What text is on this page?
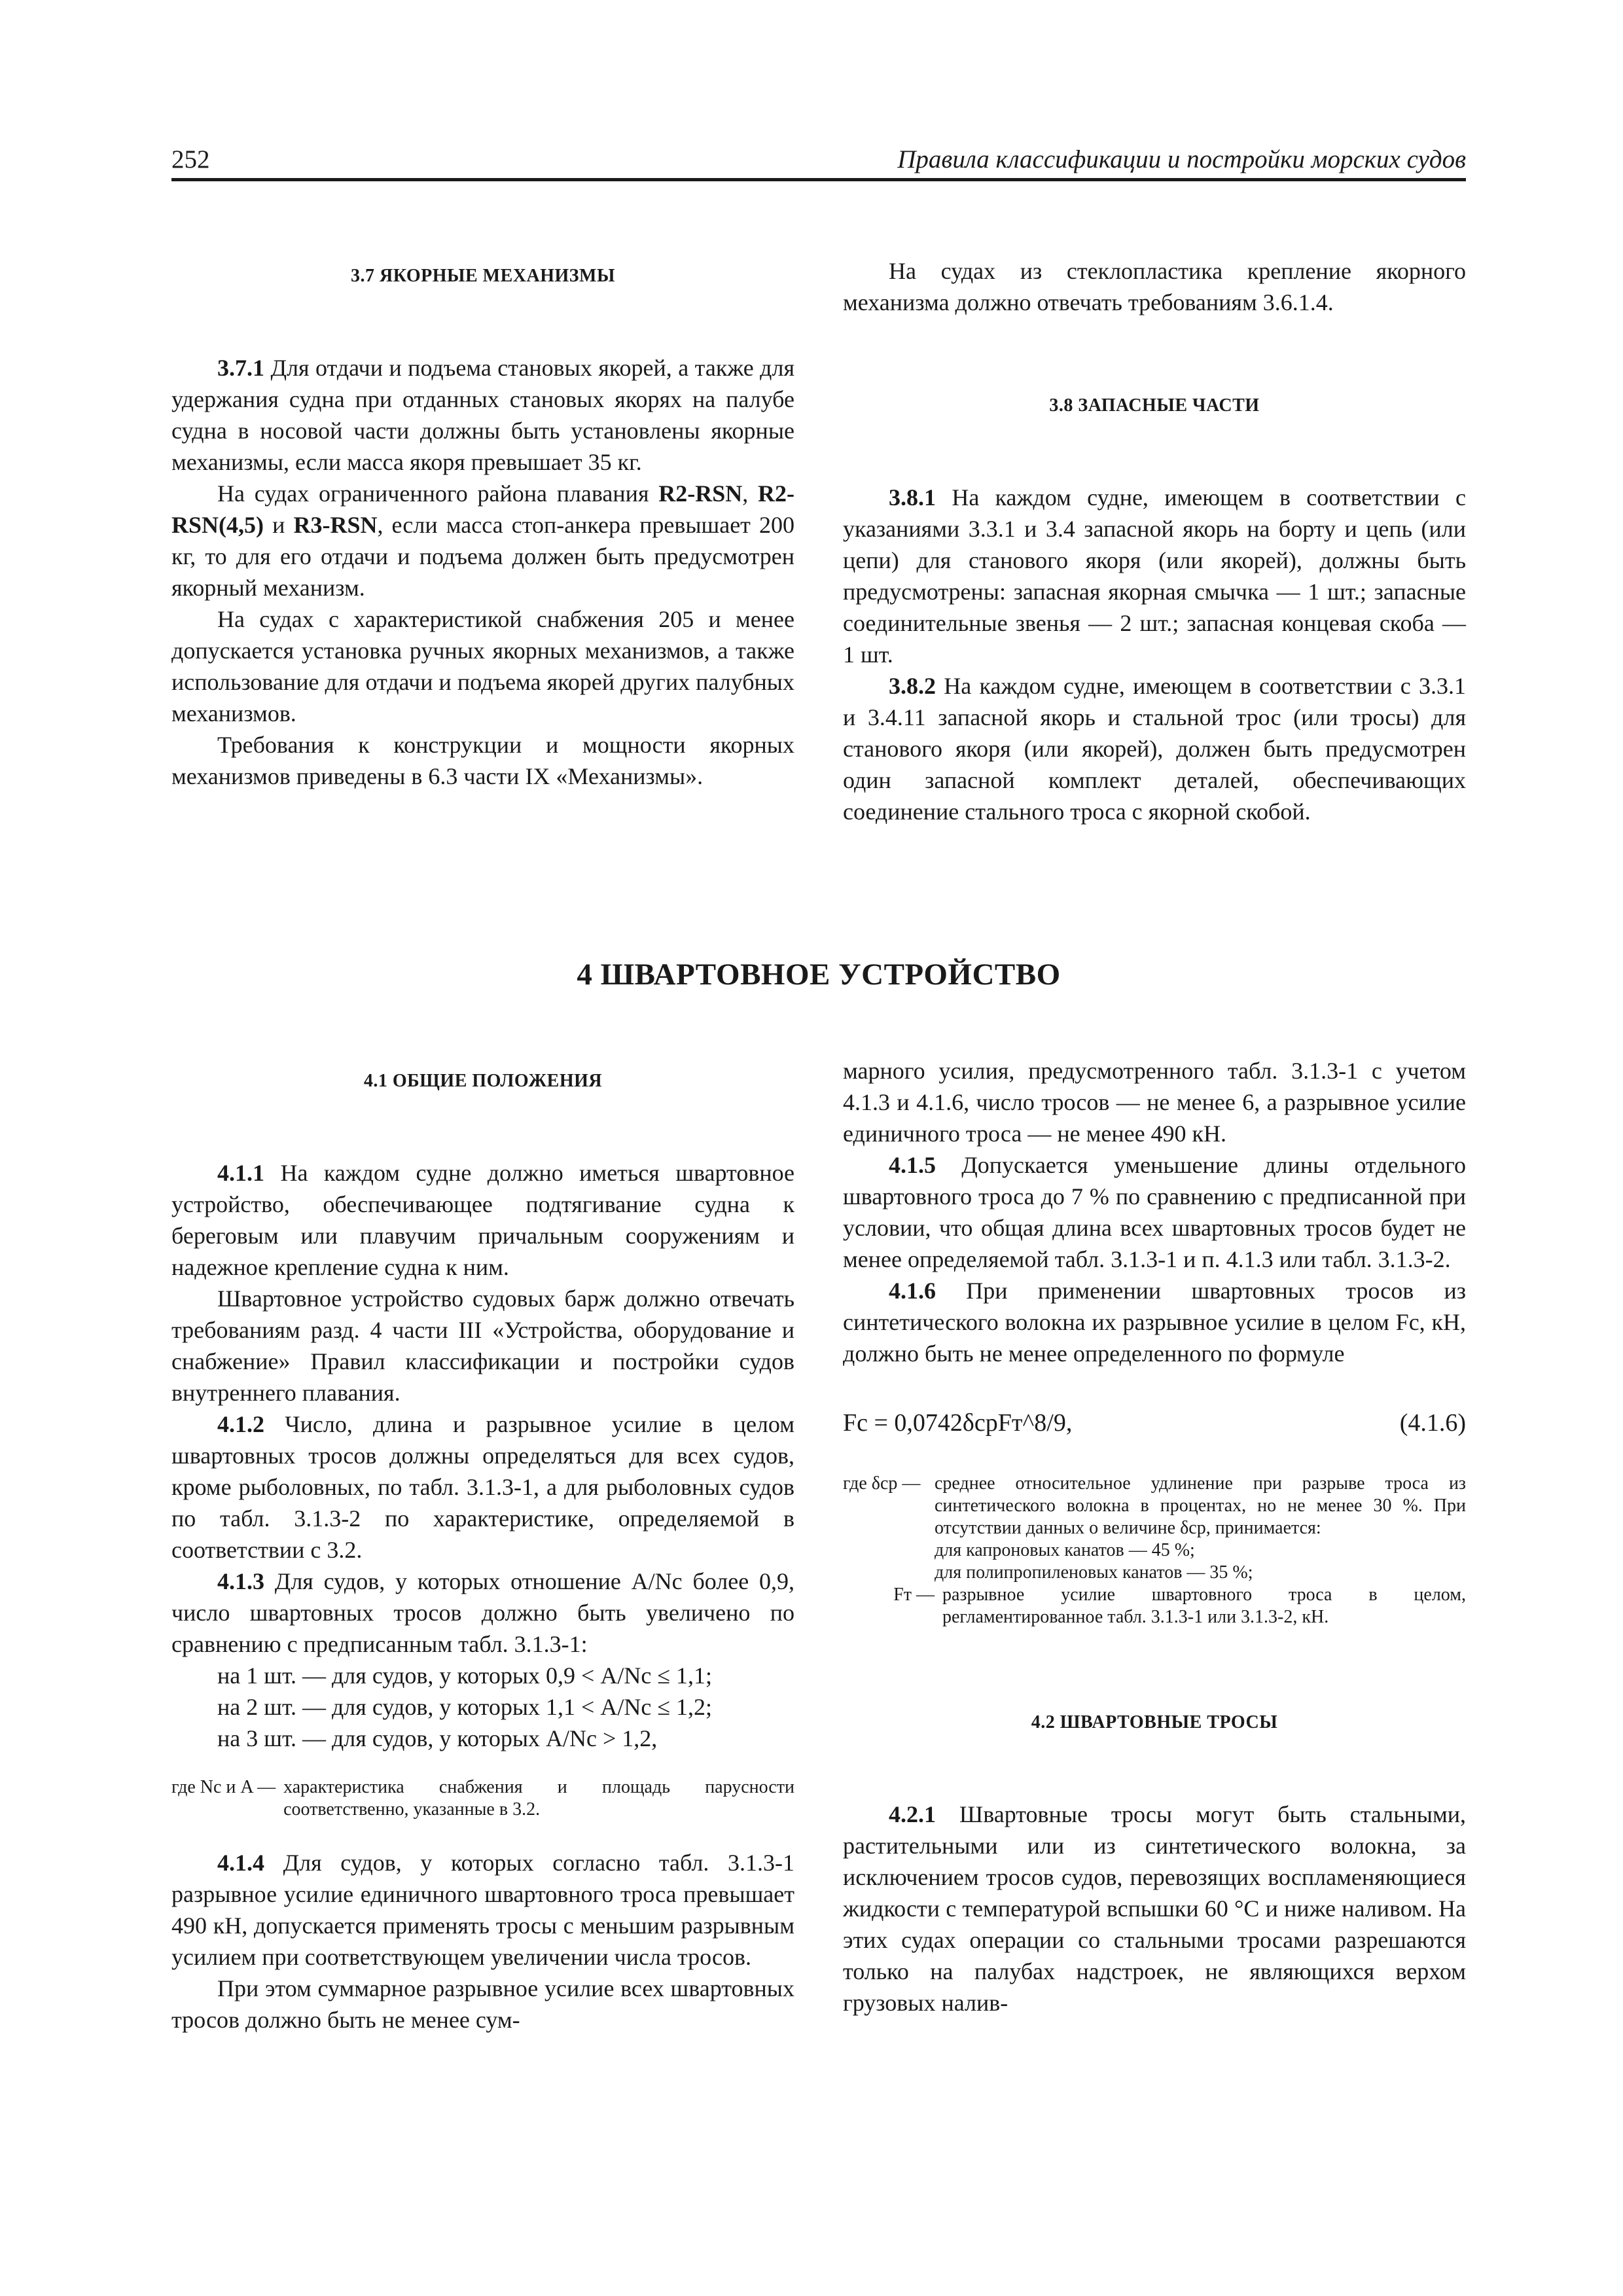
252	Правила классификации и постройки морских судов

3.7 ЯКОРНЫЕ МЕХАНИЗМЫ

3.7.1 Для отдачи и подъема становых якорей, а также для удержания судна при отданных становых якорях на палубе судна в носовой части должны быть установлены якорные механизмы, если масса якоря превышает 35 кг.

На судах ограниченного района плавания R2-RSN, R2-RSN(4,5) и R3-RSN, если масса стоп-анкера превышает 200 кг, то для его отдачи и подъема должен быть предусмотрен якорный механизм.

На судах с характеристикой снабжения 205 и менее допускается установка ручных якорных механизмов, а также использование для отдачи и подъема якорей других палубных механизмов.

Требования к конструкции и мощности якорных механизмов приведены в 6.3 части IX «Механизмы».

На судах из стеклопластика крепление якорного механизма должно отвечать требованиям 3.6.1.4.

3.8 ЗАПАСНЫЕ ЧАСТИ

3.8.1 На каждом судне, имеющем в соответствии с указаниями 3.3.1 и 3.4 запасной якорь на борту и цепь (или цепи) для станового якоря (или якорей), должны быть предусмотрены: запасная якорная смычка — 1 шт.; запасные соединительные звенья — 2 шт.; запасная концевая скоба — 1 шт.

3.8.2 На каждом судне, имеющем в соответствии с 3.3.1 и 3.4.11 запасной якорь и стальной трос (или тросы) для станового якоря (или якорей), должен быть предусмотрен один запасной комплект деталей, обеспечивающих соединение стального троса с якорной скобой.

4 ШВАРТОВНОЕ УСТРОЙСТВО

4.1 ОБЩИЕ ПОЛОЖЕНИЯ

4.1.1 На каждом судне должно иметься швартовное устройство, обеспечивающее подтягивание судна к береговым или плавучим причальным сооружениям и надежное крепление судна к ним.

Швартовное устройство судовых барж должно отвечать требованиям разд. 4 части III «Устройства, оборудование и снабжение» Правил классификации и постройки судов внутреннего плавания.

4.1.2 Число, длина и разрывное усилие в целом швартовных тросов должны определяться для всех судов, кроме рыболовных, по табл. 3.1.3-1, а для рыболовных судов по табл. 3.1.3-2 по характеристике, определяемой в соответствии с 3.2.

4.1.3 Для судов, у которых отношение A/Nc более 0,9, число швартовных тросов должно быть увеличено по сравнению с предписанным табл. 3.1.3-1:

на 1 шт. — для судов, у которых 0,9 < A/Nc ≤ 1,1;

на 2 шт. — для судов, у которых 1,1 < A/Nc ≤ 1,2;

на 3 шт. — для судов, у которых A/Nc > 1,2,

где Nc и A — характеристика снабжения и площадь парусности соответственно, указанные в 3.2.

4.1.4 Для судов, у которых согласно табл. 3.1.3-1 разрывное усилие единичного швартовного троса превышает 490 кН, допускается применять тросы с меньшим разрывным усилием при соответствующем увеличении числа тросов.

При этом суммарное разрывное усилие всех швартовных тросов должно быть не менее сум-

марного усилия, предусмотренного табл. 3.1.3-1 с учетом 4.1.3 и 4.1.6, число тросов — не менее 6, а разрывное усилие единичного троса — не менее 490 кН.

4.1.5 Допускается уменьшение длины отдельного швартовного троса до 7 % по сравнению с предписанной при условии, что общая длина всех швартовных тросов будет не менее определяемой табл. 3.1.3-1 и п. 4.1.3 или табл. 3.1.3-2.

4.1.6 При применении швартовных тросов из синтетического волокна их разрывное усилие в целом Fc, кН, должно быть не менее определенного по формуле

Fc = 0,0742δсрFт^8/9,	(4.1.6)
где δср — среднее относительное удлинение при разрыве троса из синтетического волокна в процентах, но не менее 30 %. При отсутствии данных о величине δср, принимается:
для капроновых канатов — 45 %;
для полипропиленовых канатов — 35 %;
Fт — разрывное усилие швартовного троса в целом, регламентированное табл. 3.1.3-1 или 3.1.3-2, кН.

4.2 ШВАРТОВНЫЕ ТРОСЫ

4.2.1 Швартовные тросы могут быть стальными, растительными или из синтетического волокна, за исключением тросов судов, перевозящих воспламеняющиеся жидкости с температурой вспышки 60 °С и ниже наливом. На этих судах операции со стальными тросами разрешаются только на палубах надстроек, не являющихся верхом грузовых налив-
